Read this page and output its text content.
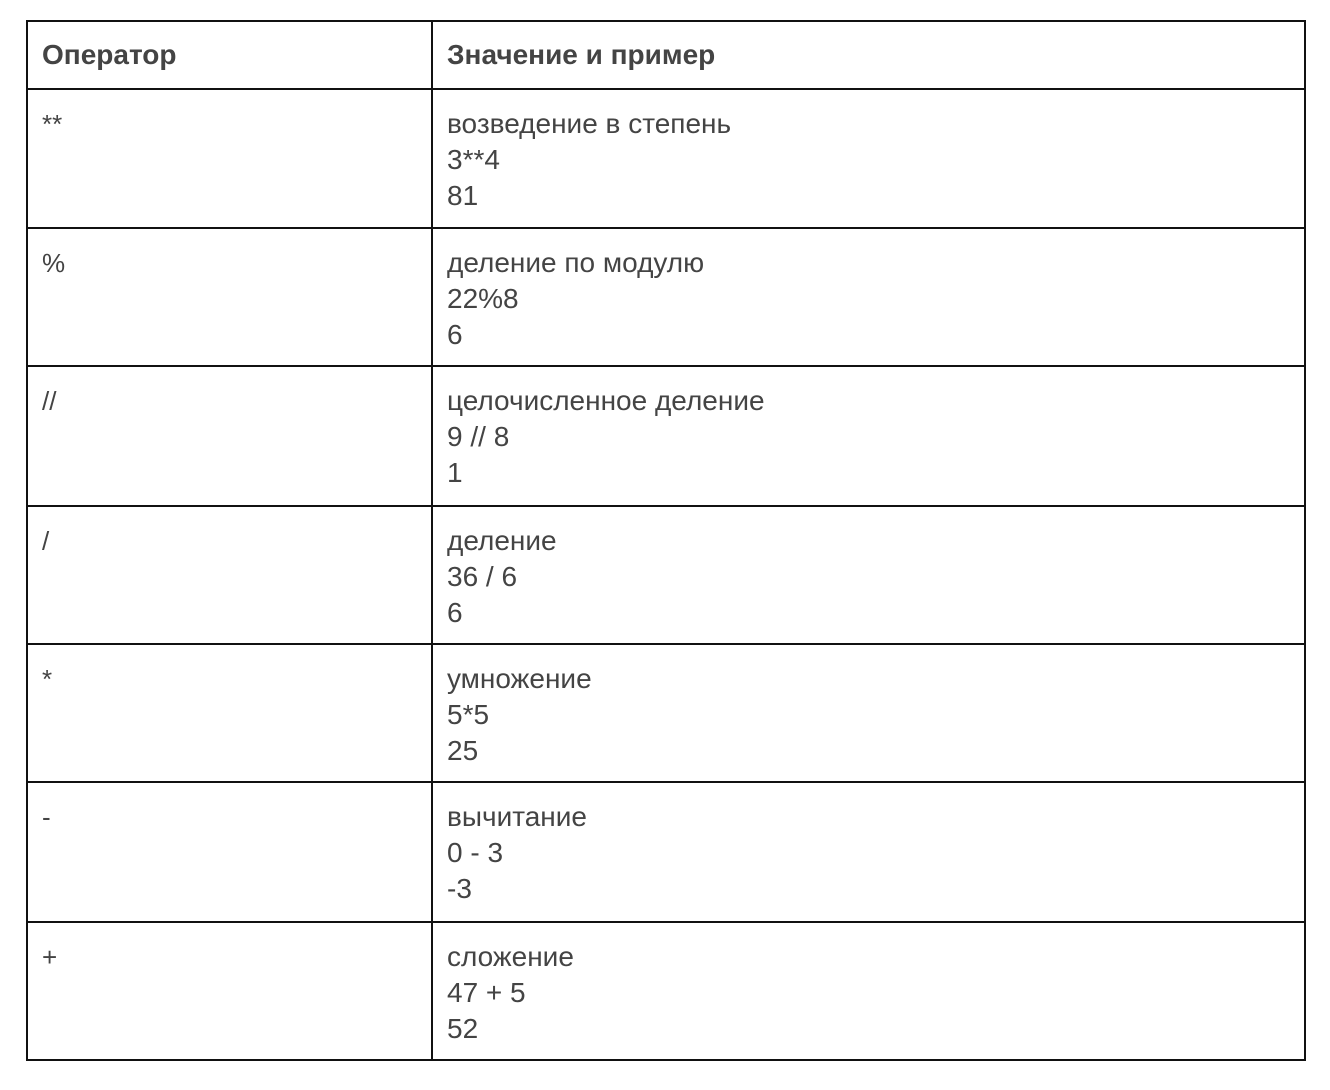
Оператор	Значение и пример
**	возведение в степень
3**4
81

%	деление по модулю
22%8
6

//	целочисленное деление
9 // 8
1

/	деление
36 / 6
6

*	умножение
5*5
25

-	вычитание
0 - 3
-3

+	сложение
47 + 5
52
